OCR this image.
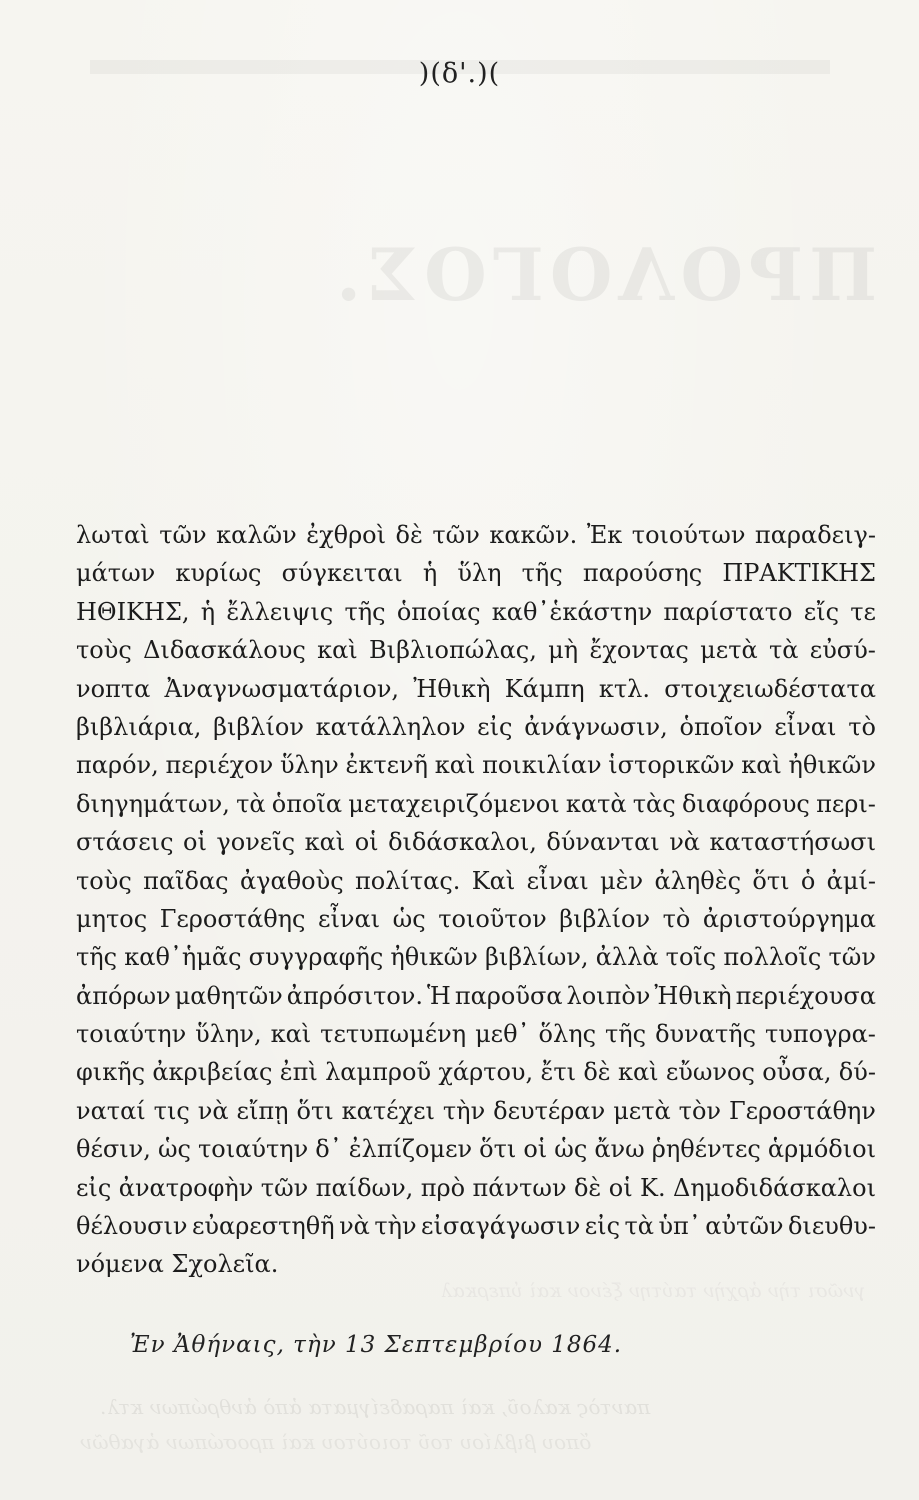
ΠΡΟΛΟΓΟΣ.
γνῶσι τὴν ἀρχὴν ταύτην ξένον καὶ ὑπερκαλ
παντὸς καλοῦ, καὶ παραδείγματα ἀπὸ ἀνθρώπων κτλ.
ὅπου βιβλίου τοῦ τοιούτου καὶ προσώπων ἀγαθῶν
)(δ'.)(
λωταὶ τῶν καλῶν ἐχθροὶ δὲ τῶν κακῶν. Ἐκ τοιούτων παραδειγ-
μάτων κυρίως σύγκειται ἡ ὕλη τῆς παρούσης ΠΡΑΚΤΙΚΗΣ
ΗΘΙΚΗΣ, ἡ ἔλλειψις τῆς ὁποίας καθ᾽ἑκάστην παρίστατο εἴς τε
τοὺς Διδασκάλους καὶ Βιβλιοπώλας, μὴ ἔχοντας μετὰ τὰ εὐσύ-
νοπτα Ἀναγνωσματάριον, Ἠθικὴ Κάμπη κτλ. στοιχειωδέστατα
βιβλιάρια, βιβλίον κατάλληλον εἰς ἀνάγνωσιν, ὁποῖον εἶναι τὸ
παρόν, περιέχον ὕλην ἐκτενῆ καὶ ποικιλίαν ἱστορικῶν καὶ ἠθικῶν
διηγημάτων, τὰ ὁποῖα μεταχειριζόμενοι κατὰ τὰς διαφόρους περι-
στάσεις οἱ γονεῖς καὶ οἱ διδάσκαλοι, δύνανται νὰ καταστήσωσι
τοὺς παῖδας ἀγαθοὺς πολίτας. Καὶ εἶναι μὲν ἀληθὲς ὅτι ὁ ἀμί-
μητος Γεροστάθης εἶναι ὡς τοιοῦτον βιβλίον τὸ ἀριστούργημα
τῆς καθ᾽ἡμᾶς συγγραφῆς ἠθικῶν βιβλίων, ἀλλὰ τοῖς πολλοῖς τῶν
ἀπόρων μαθητῶν ἀπρόσιτον. Ἡ παροῦσα λοιπὸν Ἠθικὴ περιέχουσα
τοιαύτην ὕλην, καὶ τετυπωμένη μεθ᾽ ὅλης τῆς δυνατῆς τυπογρα-
φικῆς ἀκριβείας ἐπὶ λαμπροῦ χάρτου, ἔτι δὲ καὶ εὔωνος οὖσα, δύ-
ναταί τις νὰ εἴπῃ ὅτι κατέχει τὴν δευτέραν μετὰ τὸν Γεροστάθην
θέσιν, ὡς τοιαύτην δ᾽ ἐλπίζομεν ὅτι οἱ ὡς ἄνω ῥηθέντες ἁρμόδιοι
εἰς ἀνατροφὴν τῶν παίδων, πρὸ πάντων δὲ οἱ Κ. Δημοδιδάσκαλοι
θέλουσιν εὐαρεστηθῆ νὰ τὴν εἰσαγάγωσιν εἰς τὰ ὑπ᾽ αὐτῶν διευθυ-
νόμενα Σχολεῖα.
Ἐν Ἀθήναις, τὴν 13 Σεπτεμβρίου 1864.
